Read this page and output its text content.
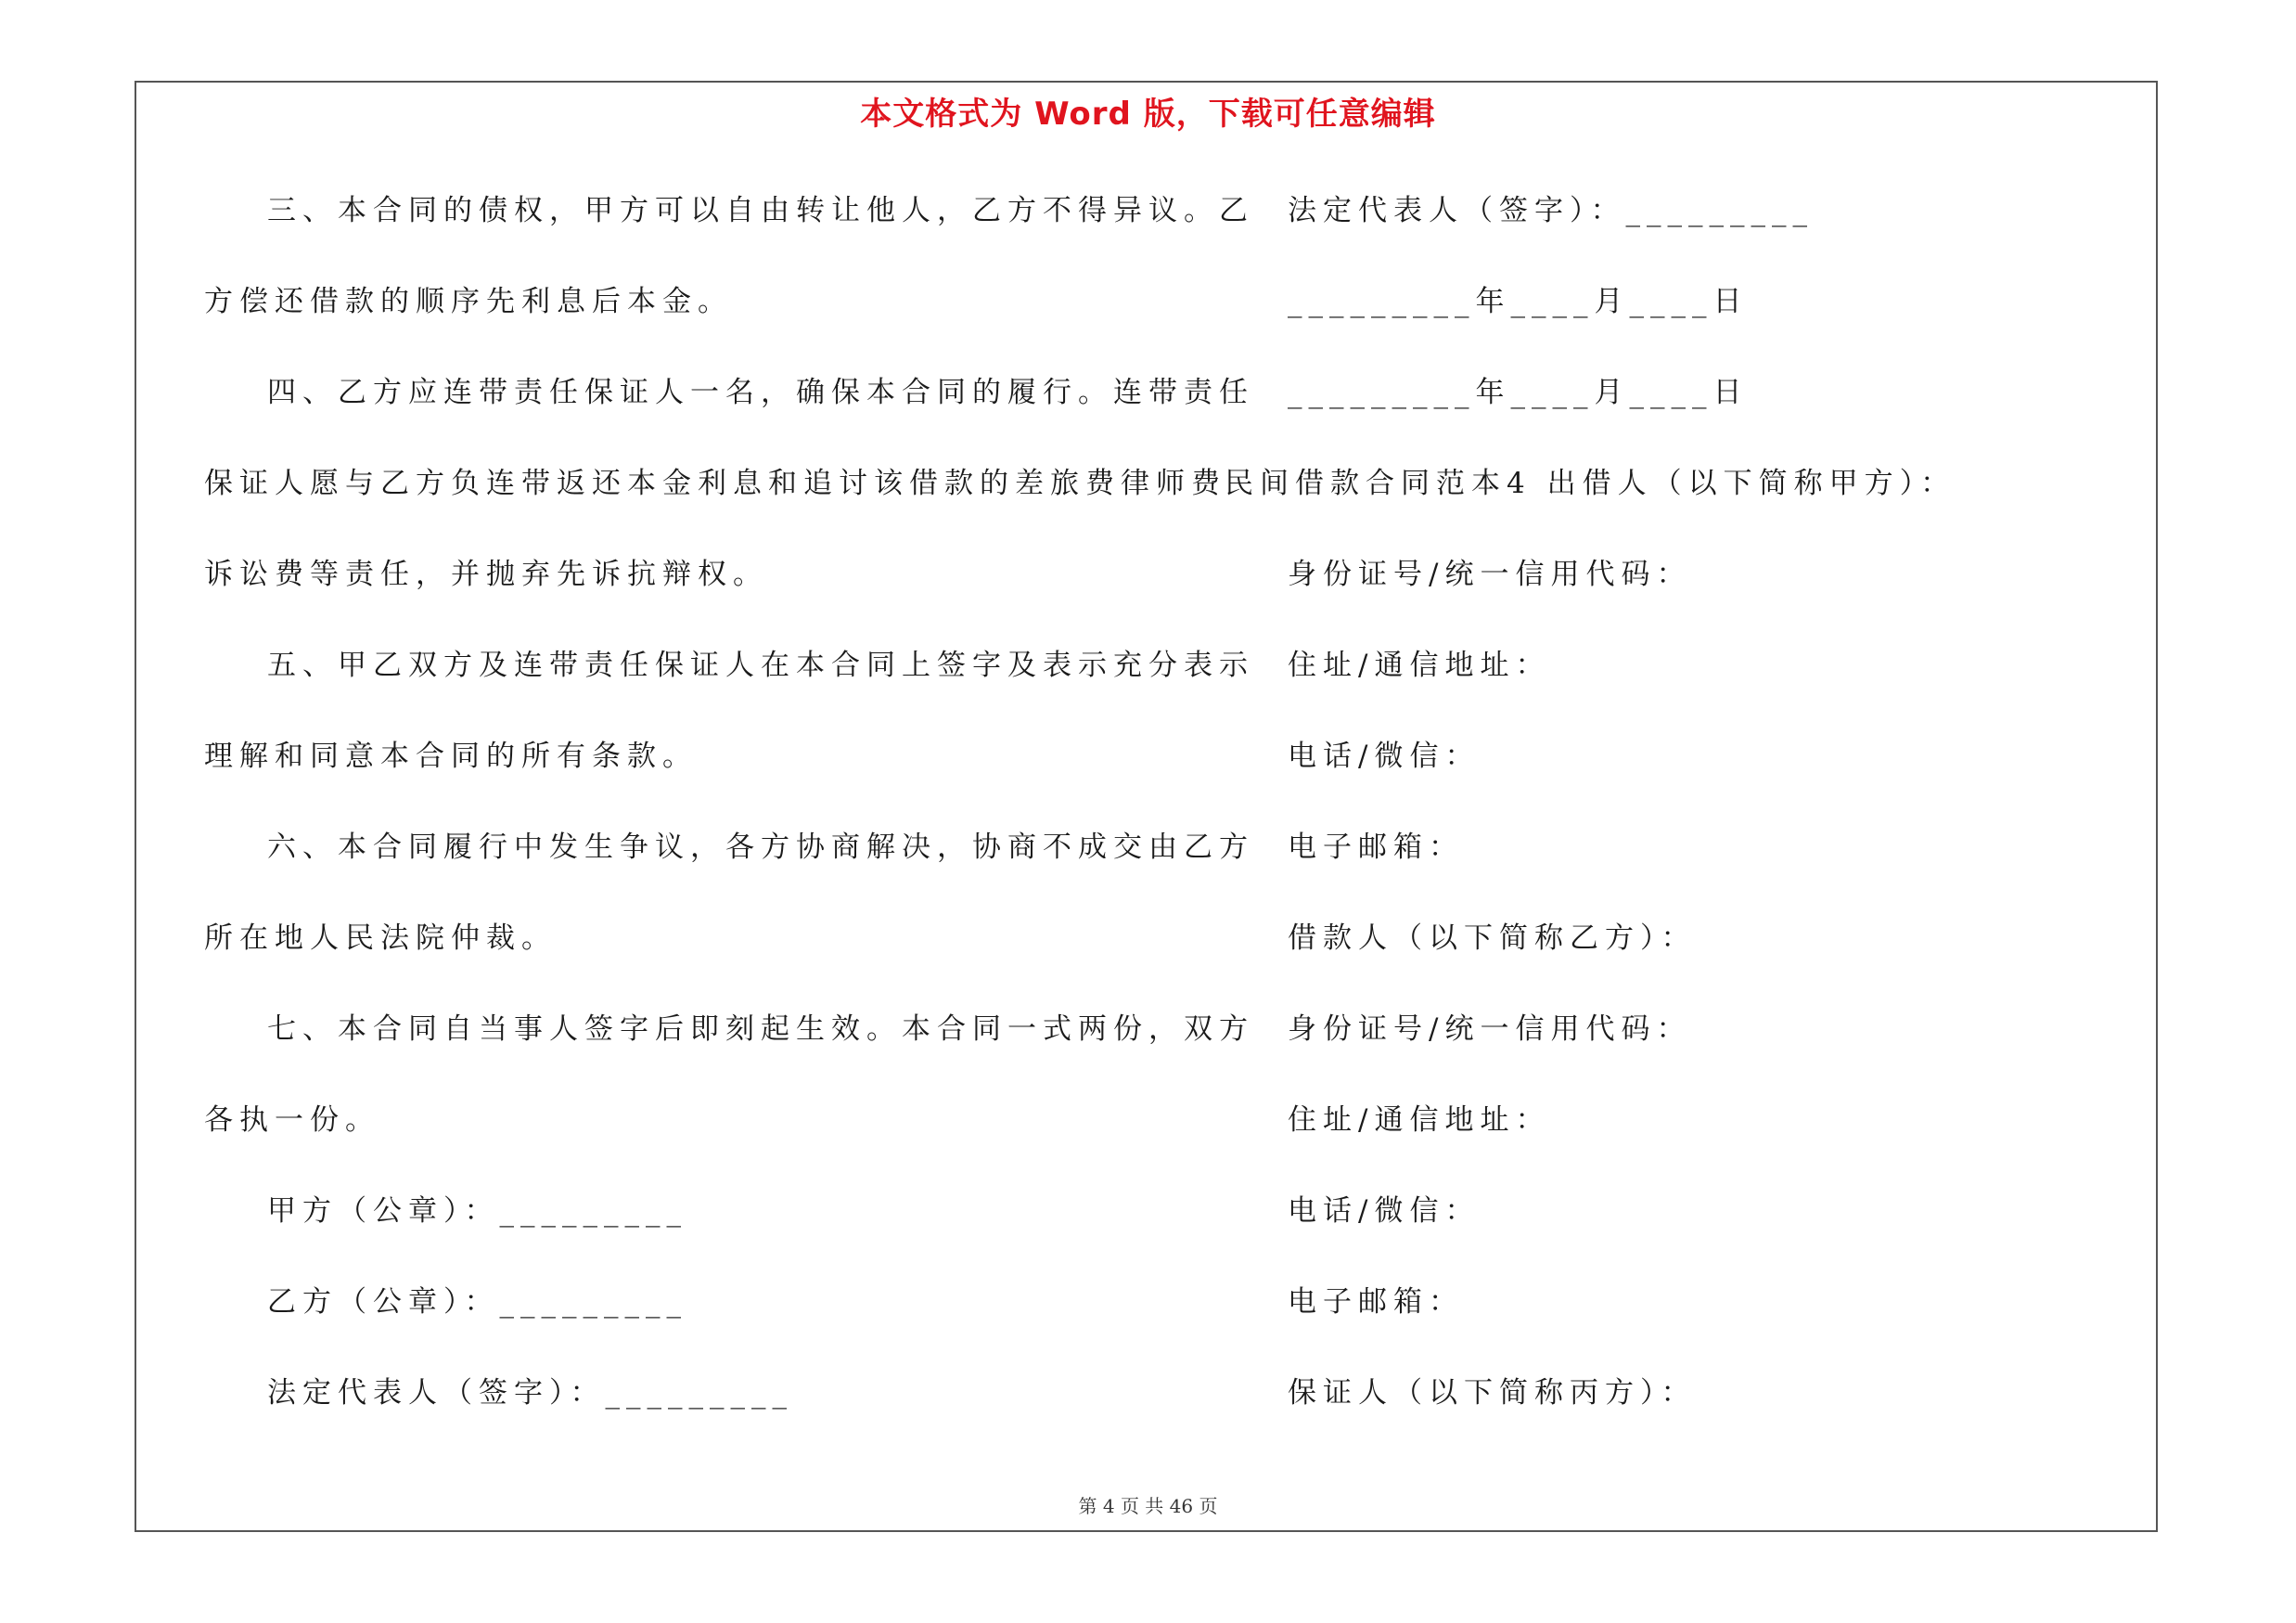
本文格式为 Word 版，下载可任意编辑
三、本合同的债权，甲方可以自由转让他人，乙方不得异议。乙
方偿还借款的顺序先利息后本金。
四、乙方应连带责任保证人一名，确保本合同的履行。连带责任
保证人愿与乙方负连带返还本金利息和追讨该借款的差旅费律师费
诉讼费等责任，并抛弃先诉抗辩权。
五、甲乙双方及连带责任保证人在本合同上签字及表示充分表示
理解和同意本合同的所有条款。
六、本合同履行中发生争议，各方协商解决，协商不成交由乙方
所在地人民法院仲裁。
七、本合同自当事人签字后即刻起生效。本合同一式两份，双方
各执一份。
甲方（公章）：_________
乙方（公章）：_________
法定代表人（签字）：_________
法定代表人（签字）：_________
_________年____月____日
_________年____月____日
民间借款合同范本4 出借人（以下简称甲方）：
身份证号/统一信用代码：
住址/通信地址：
电话/微信：
电子邮箱：
借款人（以下简称乙方）：
身份证号/统一信用代码：
住址/通信地址：
电话/微信：
电子邮箱：
保证人（以下简称丙方）：
第 4 页 共 46 页
